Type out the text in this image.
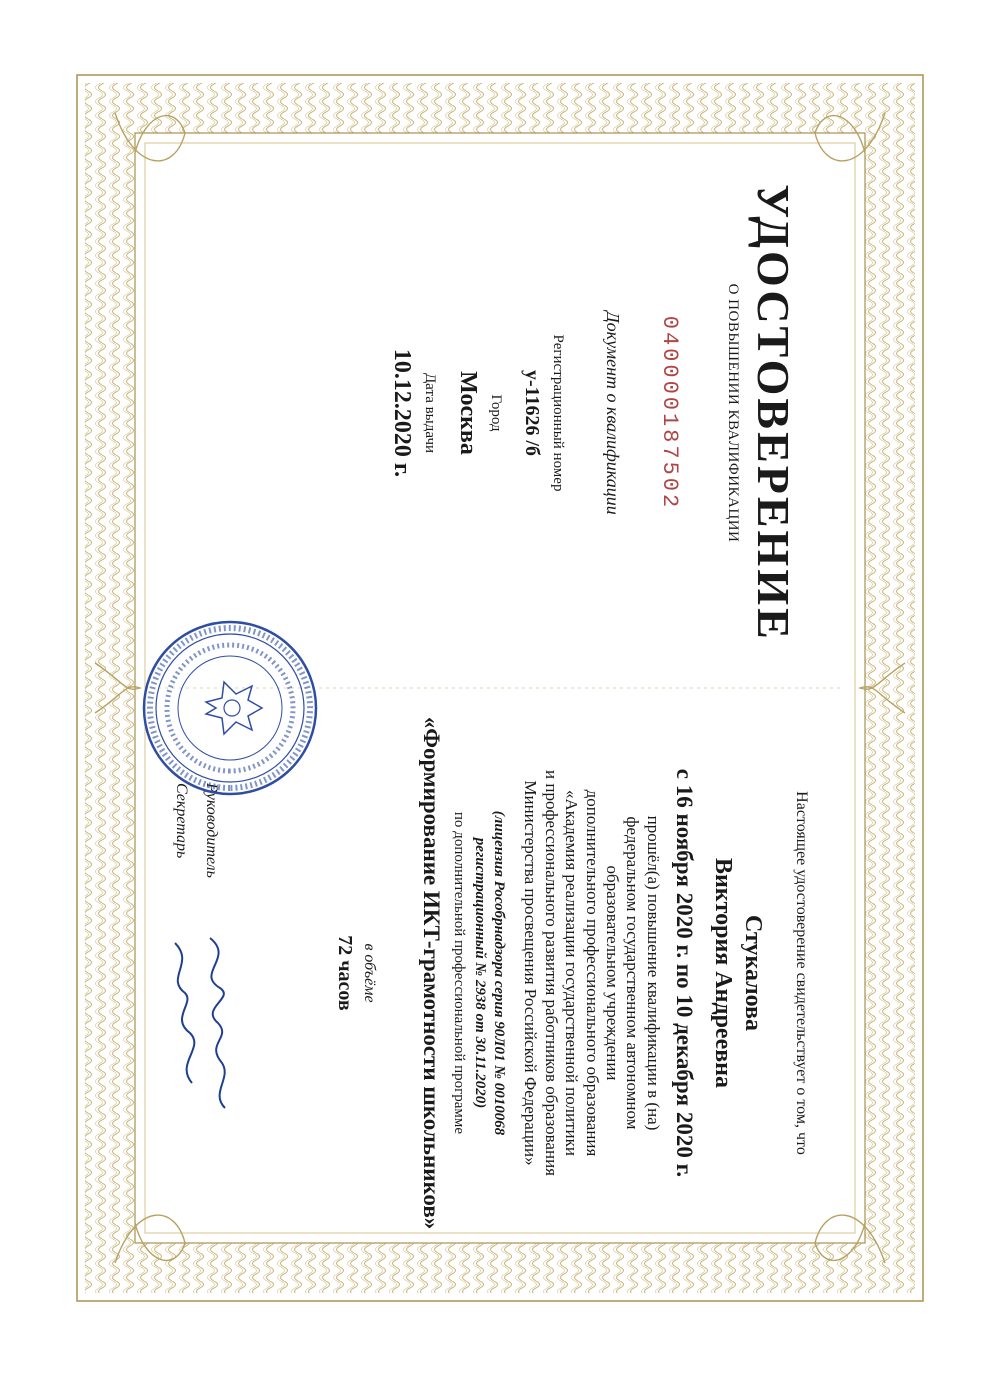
УДОСТОВЕРЕНИЕ
О ПОВЫШЕНИИ КВАЛИФИКАЦИИ
040000187502
Документ о квалификации
Регистрационный номер
у-11626 /б
Город
Москва
Дата выдачи
10.12.2020 г.
Настоящее удостоверение свидетельствует о том, что
Стукалова
Виктория Андреевна
с 16 ноября 2020 г. по 10 декабря 2020 г.
прошёл(а) повышение квалификации в (на)
федеральном государственном автономном
образовательном учреждении
дополнительного профессионального образования
«Академия реализации государственной политики
и профессионального развития работников образования
Министерства просвещения Российской Федерации»
(лицензия Рособрнадзора серия 90Л01 № 0010068
регистрационный № 2938 от 30.11.2020)
по дополнительной профессиональной программе
«Формирование ИКТ-грамотности школьников»
в объёме
72 часов
Руководитель
Секретарь
